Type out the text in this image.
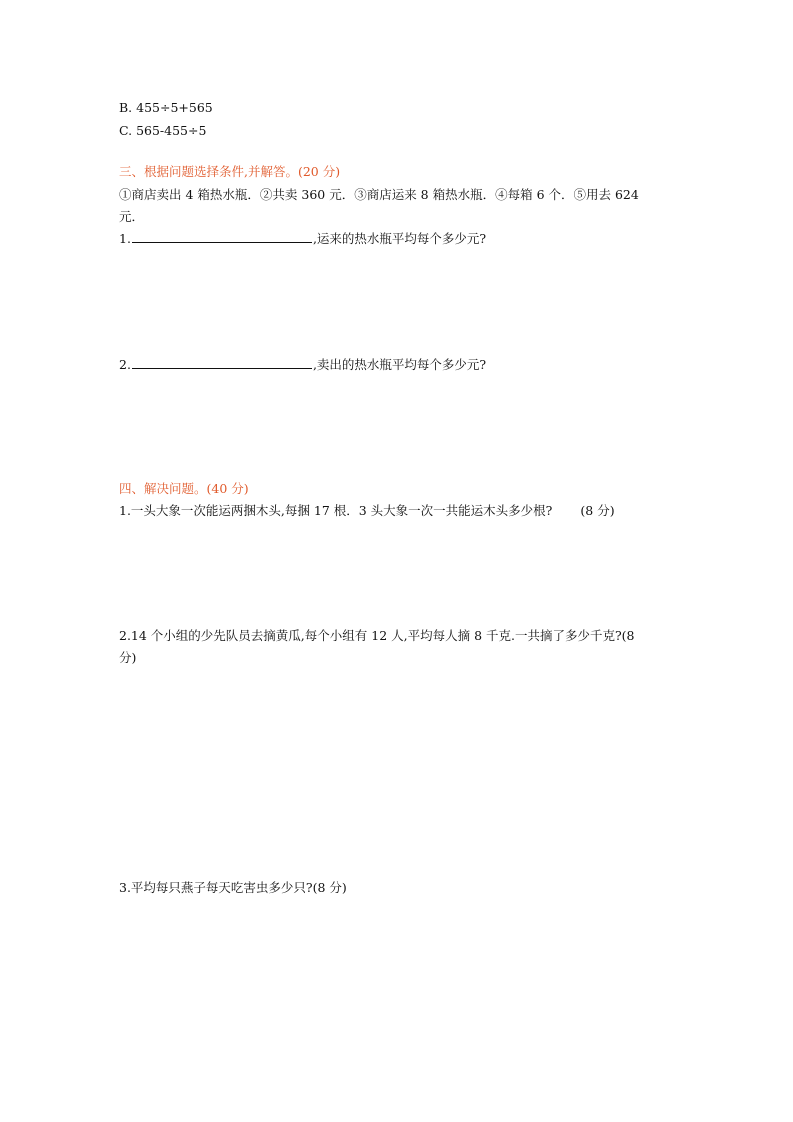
B. 455÷5+565
C. 565-455÷5
三、根据问题选择条件,并解答。(20 分)
①商店卖出 4 箱热水瓶．②共卖 360 元．③商店运来 8 箱热水瓶．④每箱 6 个．⑤用去 624
元．
1.	,运来的热水瓶平均每个多少元?
2.	,卖出的热水瓶平均每个多少元?
四、解决问题。(40 分)
1.一头大象一次能运两捆木头,每捆 17 根．3 头大象一次一共能运木头多少根? (8 分)
2.14 个小组的少先队员去摘黄瓜,每个小组有 12 人,平均每人摘 8 千克.一共摘了多少千克?(8
分)
3.平均每只燕子每天吃害虫多少只?(8 分)
